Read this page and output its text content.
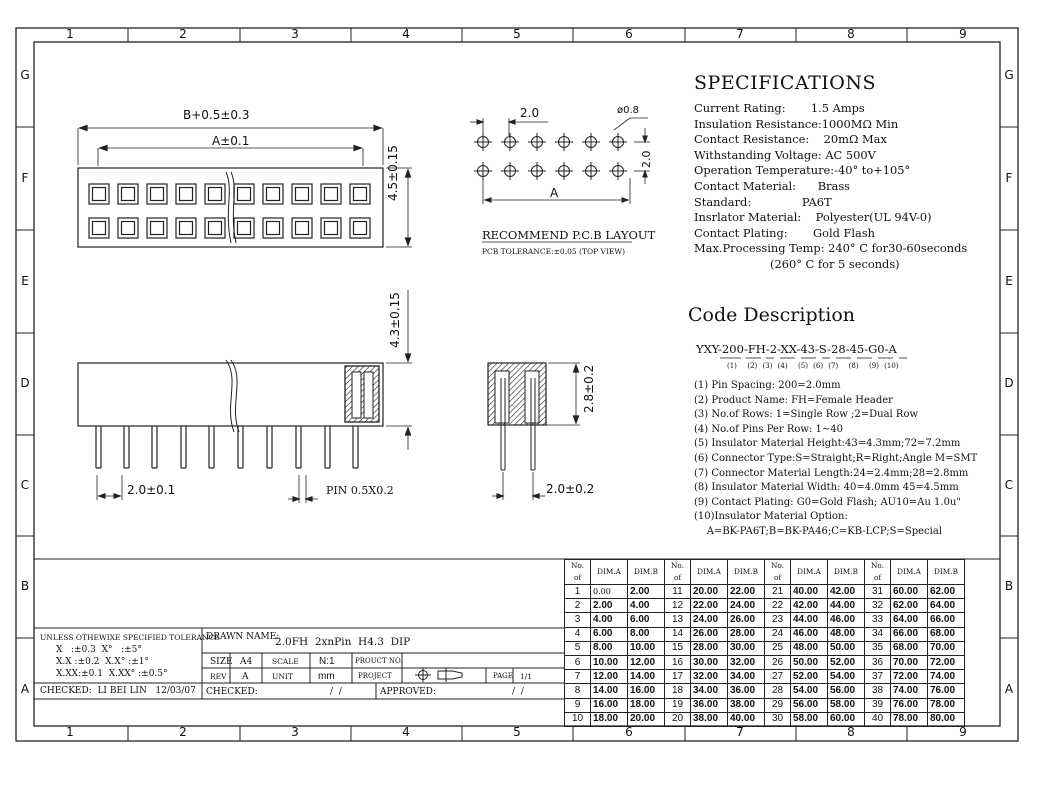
1	2	3	4	5	6	7	8	9
1	2	3	4	5	6	7	8	9
G
F
E
D
C
B
A
G
F
E
D
C
B
A
B+0.5±0.3
A±0.1
4.5±0.15
4.3±0.15
2.0±0.1	PIN 0.5X0.2
2.8±0.2
2.0±0.2
2.0	ø0.8
2.0
A
RECOMMEND P.C.B LAYOUT
PCB TOLERANCE:±0.05 (TOP VIEW)
SPECIFICATIONS
Current Rating:       1.5 Amps
Insulation Resistance:1000MΩ Min
Contact Resistance:    20mΩ Max
Withstanding Voltage: AC 500V
Operation Temperature:-40° to+105°
Contact Material:      Brass
Standard:              PA6T
Insrlator Material:    Polyester(UL 94V-0)
Contact Plating:       Gold Flash
Max.Processing Temp: 240° C for30-60seconds
(260° C for 5 seconds)
Code Description
YXY-200-FH-2-XX-43-S-28-45-G0-A
(1)  (2) (3) (4)  (5) (6) (7)  (8)  (9) (10)
(1) Pin Spacing: 200=2.0mm
(2) Product Name: FH=Female Header
(3) No.of Rows: 1=Single Row ;2=Dual Row
(4) No.of Pins Per Row: 1~40
(5) Insulator Material Height:43=4.3mm;72=7.2mm
(6) Connector Type:S=Straight;R=Right;Angle M=SMT
(7) Connector Material Length:24=2.4mm;28=2.8mm
(8) Insulator Material Width: 40=4.0mm 45=4.5mm
(9) Contact Plating: G0=Gold Flash; AU10=Au 1.0u"
(10)Insulator Material Option:
A=BK-PA6T;B=BK-PA46;C=KB-LCP;S=Special
UNLESS OTHEWIXE SPECIFIED TOLERANCE
X   :±0.3  X°   :±5°
X.X :±0.2  X.X° :±1°
X.XX:±0.1  X.XX° :±0.5°
CHECKED:  LI BEI LIN   12/03/07
DRAWN NAME:
2.0FH  2xnPin  H4.3  DIP
SIZE A4	SCALE N:1	PROUCT NO.
REV A	UNIT	mm	PROJECT	PAGE 1/1
CHECKED:	/  /	APPROVED:	/  /
No. of	DIM.A	DIM.B	No. of	DIM.A	DIM.B	No. of	DIM.A	DIM.B	No. of	DIM.A	DIM.B
1	0.00	2.00	11	20.00	22.00	21	40.00	42.00	31	60.00	62.00
2	2.00	4.00	12	22.00	24.00	22	42.00	44.00	32	62.00	64.00
3	4.00	6.00	13	24.00	26.00	23	44.00	46.00	33	64.00	66.00
4	6.00	8.00	14	26.00	28.00	24	46.00	48.00	34	66.00	68.00
5	8.00	10.00	15	28.00	30.00	25	48.00	50.00	35	68.00	70.00
6	10.00	12.00	16	30.00	32.00	26	50.00	52.00	36	70.00	72.00
7	12.00	14.00	17	32.00	34.00	27	52.00	54.00	37	72.00	74.00
8	14.00	16.00	18	34.00	36.00	28	54.00	56.00	38	74.00	76.00
9	16.00	18.00	19	36.00	38.00	29	56.00	58.00	39	76.00	78.00
10	18.00	20.00	20	38.00	40.00	30	58.00	60.00	40	78.00	80.00
